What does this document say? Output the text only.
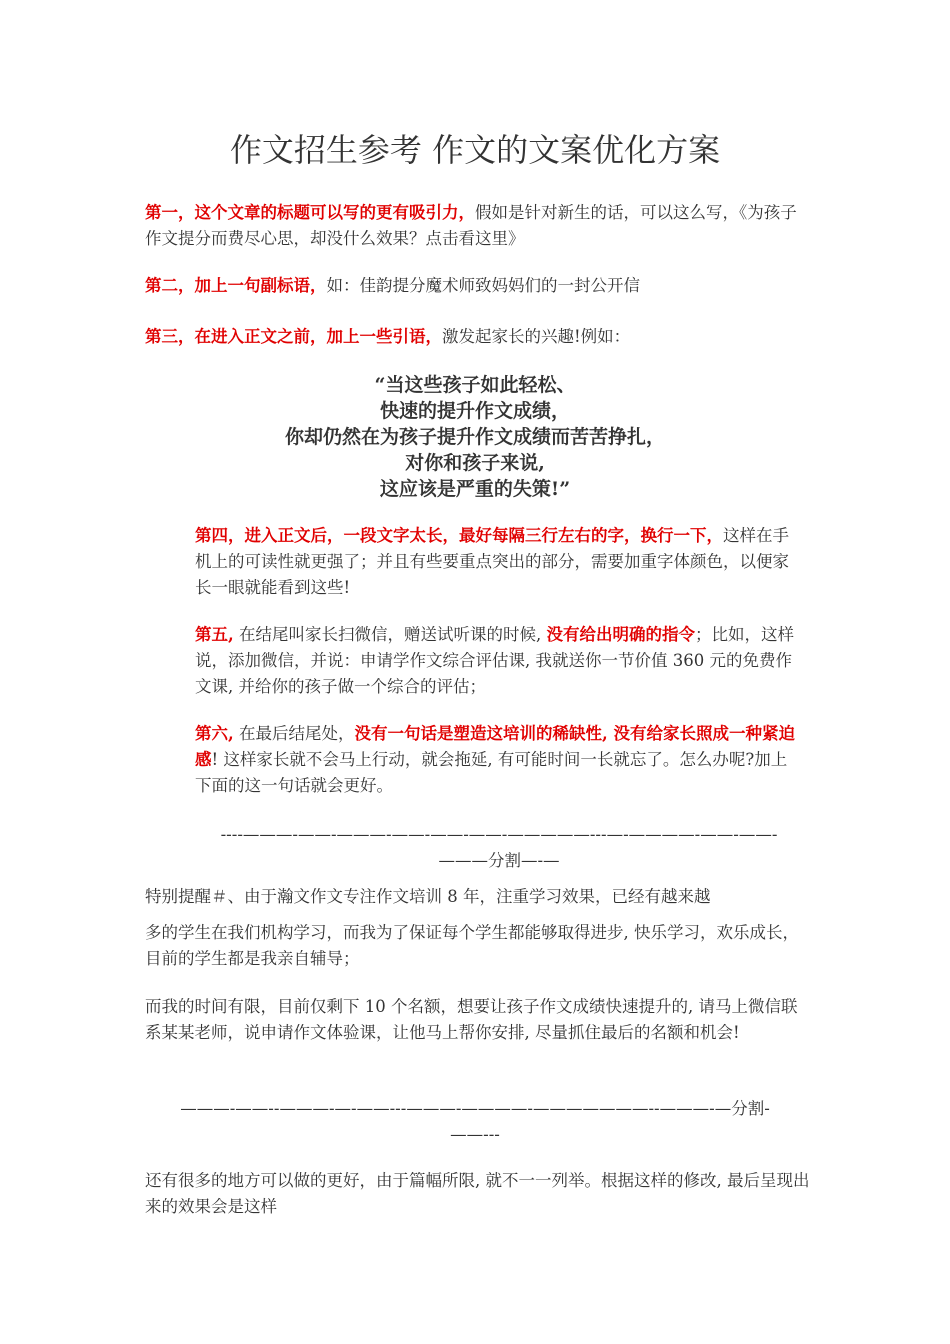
作文招生参考 作文的文案优化方案

第一，这个文章的标题可以写的更有吸引力，假如是针对新生的话，可以这么写，《为孩子作文提分而费尽心思，却没什么效果？点击看这里》

第二，加上一句副标语，如：佳韵提分魔术师致妈妈们的一封公开信

第三，在进入正文之前，加上一些引语，激发起家长的兴趣!例如：

“当这些孩子如此轻松、
快速的提升作文成绩，
你却仍然在为孩子提升作文成绩而苦苦挣扎，
对你和孩子来说,
这应该是严重的失策!”

第四，进入正文后，一段文字太长，最好每隔三行左右的字，换行一下，这样在手机上的可读性就更强了；并且有些要重点突出的部分，需要加重字体颜色，以便家长一眼就能看到这些!

第五, 在结尾叫家长扫微信，赠送试听课的时候, 没有给出明确的指令；比如，这样说，添加微信，并说：申请学作文综合评估课, 我就送你一节价值 360 元的免费作文课, 并给你的孩子做一个综合的评估；

第六, 在最后结尾处，没有一句话是塑造这培训的稀缺性, 没有给家长照成一种紧迫感! 这样家长就不会马上行动，就会拖延, 有可能时间一长就忘了。怎么办呢?加上下面的这一句话就会更好。

----———-——-———-——-——-——-—————---—-————-——-——-
———分割—-—

特别提醒＃、由于瀚文作文专注作文培训 8 年，注重学习效果，已经有越来越

多的学生在我们机构学习，而我为了保证每个学生都能够取得进步, 快乐学习，欢乐成长，目前的学生都是我亲自辅导；

而我的时间有限，目前仅剩下 10 个名额，想要让孩子作文成绩快速提升的, 请马上微信联系某某老师，说申请作文体验课，让他马上帮你安排, 尽量抓住最后的名额和机会!

———-——--———-—-——---———-————-———————--———-—分割-
——---

还有很多的地方可以做的更好，由于篇幅所限, 就不一一列举。根据这样的修改, 最后呈现出来的效果会是这样
